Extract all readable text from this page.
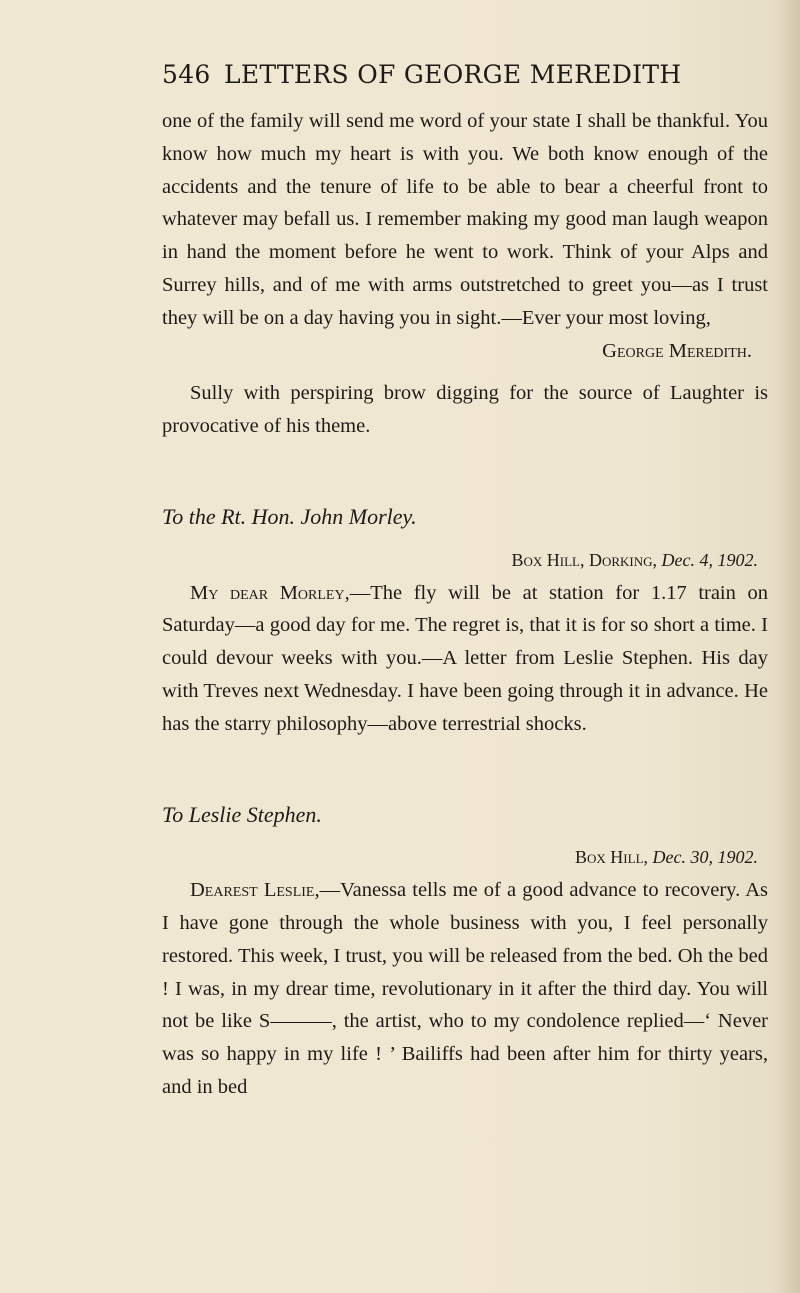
546 LETTERS OF GEORGE MEREDITH

one of the family will send me word of your state I shall be thankful. You know how much my heart is with you. We both know enough of the accidents and the tenure of life to be able to bear a cheerful front to whatever may befall us. I remember making my good man laugh weapon in hand the moment before he went to work. Think of your Alps and Surrey hills, and of me with arms outstretched to greet you—as I trust they will be on a day having you in sight.—Ever your most loving,

George Meredith.

Sully with perspiring brow digging for the source of Laughter is provocative of his theme.

To the Rt. Hon. John Morley.

Box Hill, Dorking, Dec. 4, 1902.

My dear Morley,—The fly will be at station for 1.17 train on Saturday—a good day for me. The regret is, that it is for so short a time. I could devour weeks with you.—A letter from Leslie Stephen. His day with Treves next Wednesday. I have been going through it in advance. He has the starry philosophy—above terrestrial shocks.

To Leslie Stephen.

Box Hill, Dec. 30, 1902.

Dearest Leslie,—Vanessa tells me of a good advance to recovery. As I have gone through the whole business with you, I feel personally restored. This week, I trust, you will be released from the bed. Oh the bed ! I was, in my drear time, revolutionary in it after the third day. You will not be like S———, the artist, who to my condolence replied—‘ Never was so happy in my life ! ’ Bailiffs had been after him for thirty years, and in bed
